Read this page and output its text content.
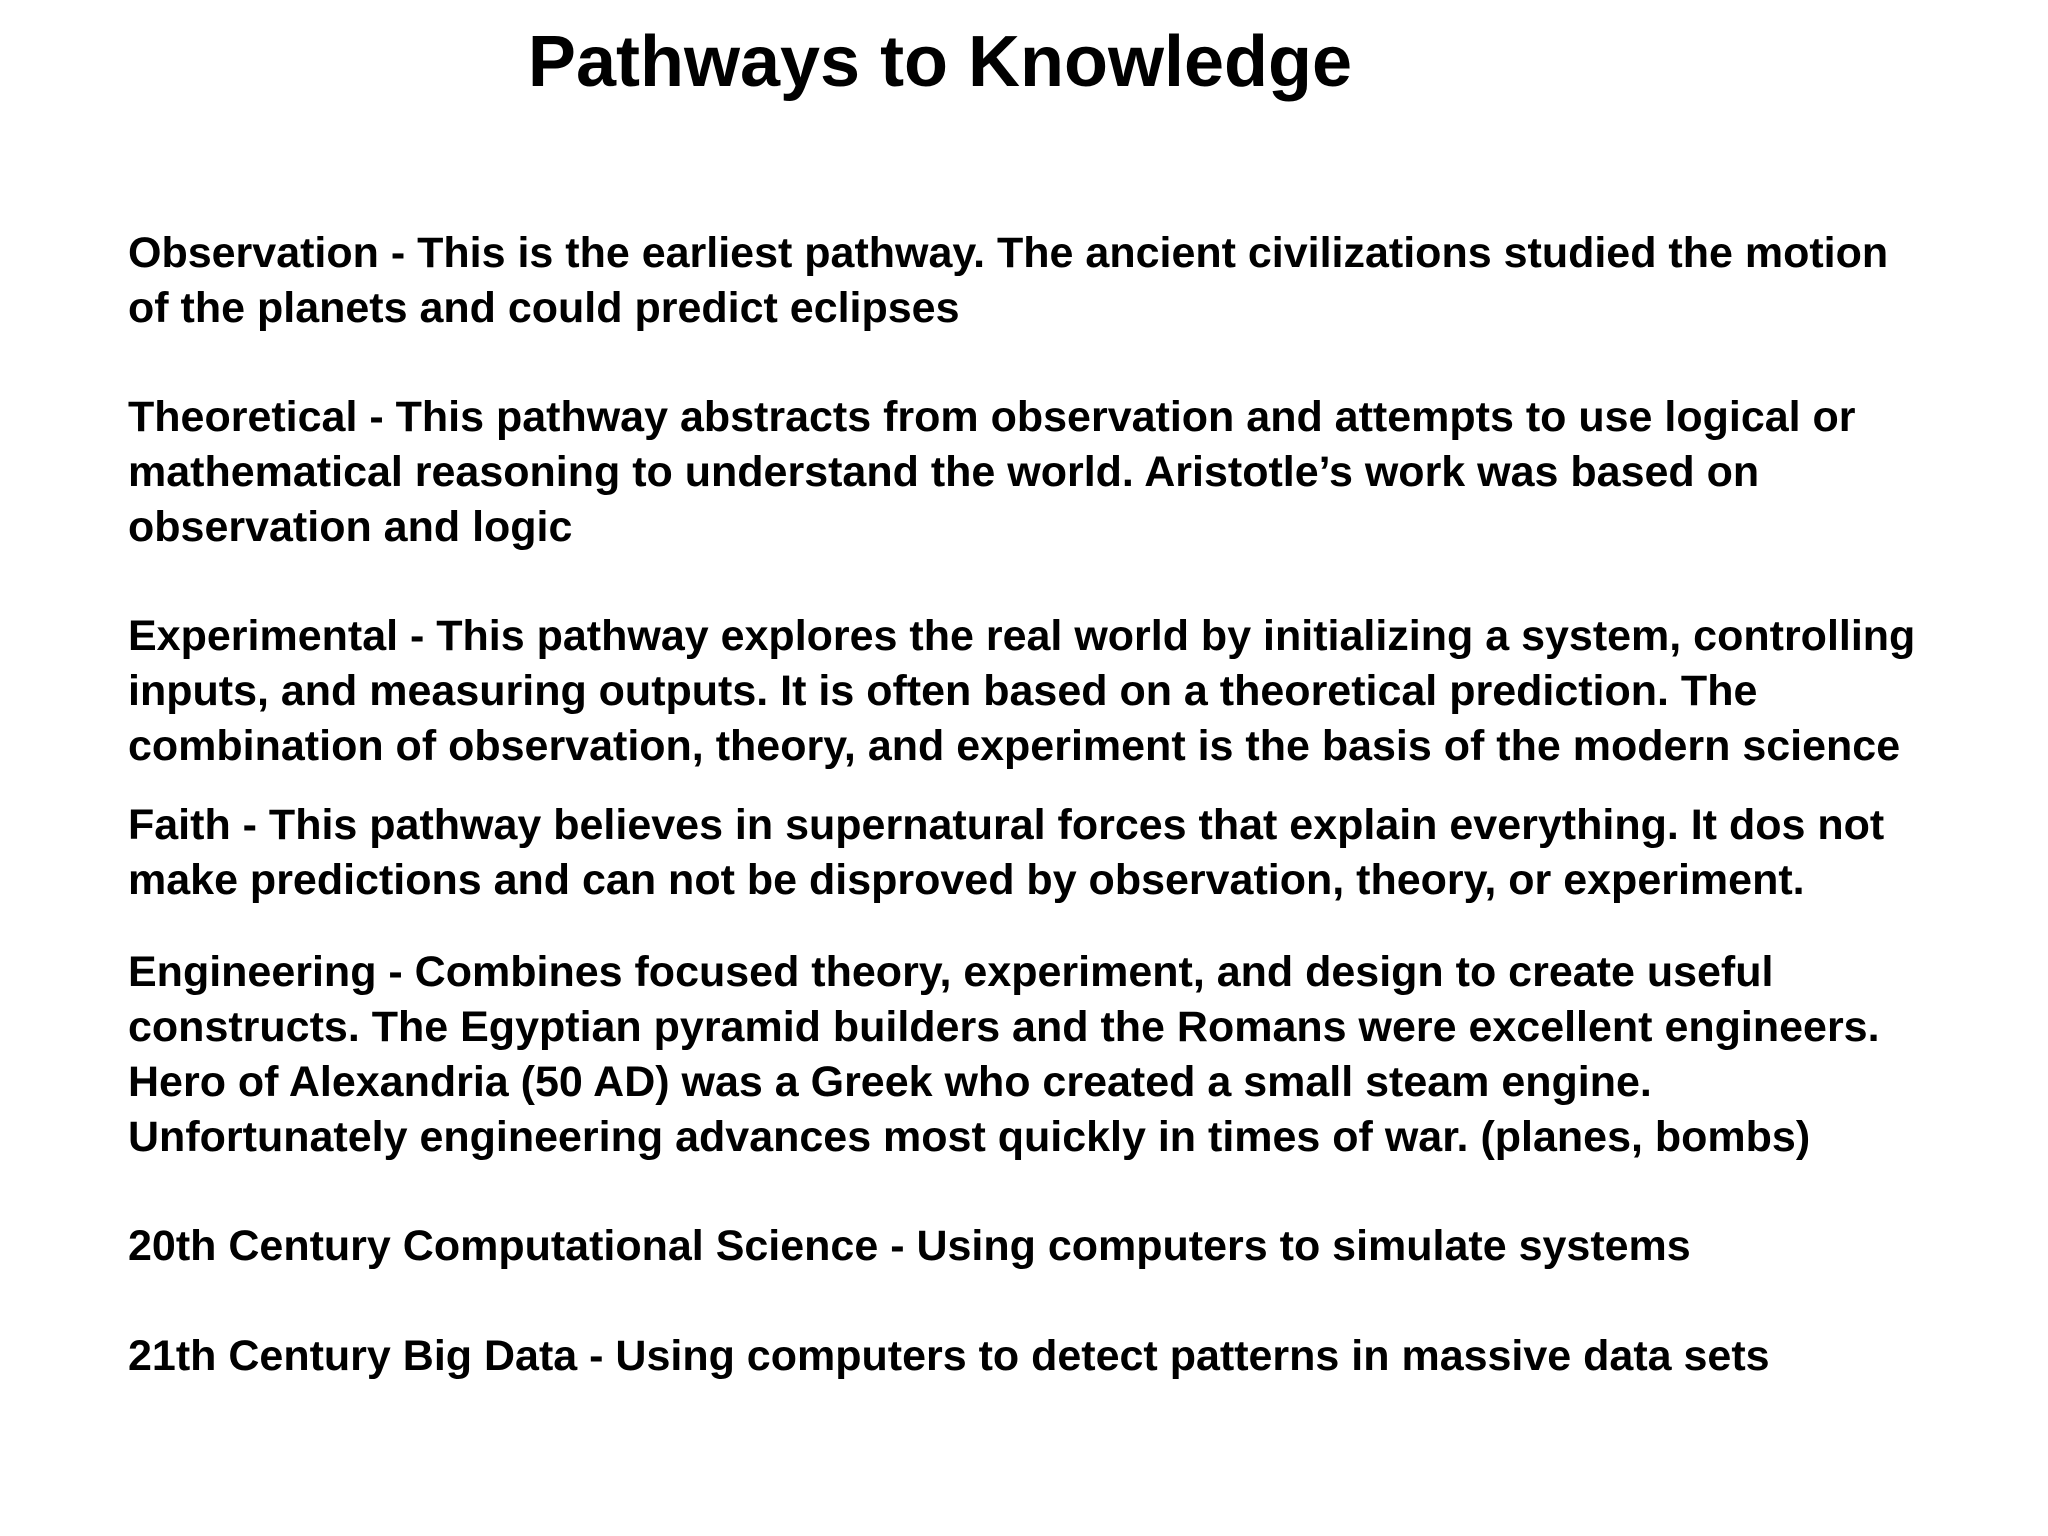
Pathways to Knowledge

Observation - This is the earliest pathway. The ancient civilizations studied the motion
of the planets and could predict eclipses

Theoretical - This pathway abstracts from observation and attempts to use logical or
mathematical reasoning to understand the world. Aristotle’s work was based on
observation and logic

Experimental - This pathway explores the real world by initializing a system, controlling
inputs, and measuring outputs. It is often based on a theoretical prediction. The
combination of observation, theory, and experiment is the basis of the modern science

Faith - This pathway believes in supernatural forces that explain everything. It dos not
make predictions and can not be disproved by observation, theory, or experiment.

Engineering - Combines focused theory, experiment, and design to create useful
constructs. The Egyptian pyramid builders and the Romans were excellent engineers.
Hero of Alexandria (50 AD) was a Greek who created a small steam engine.
Unfortunately engineering advances most quickly in times of war. (planes, bombs)

20th Century Computational Science - Using computers to simulate systems

21th Century Big Data - Using computers to detect patterns in massive data sets
